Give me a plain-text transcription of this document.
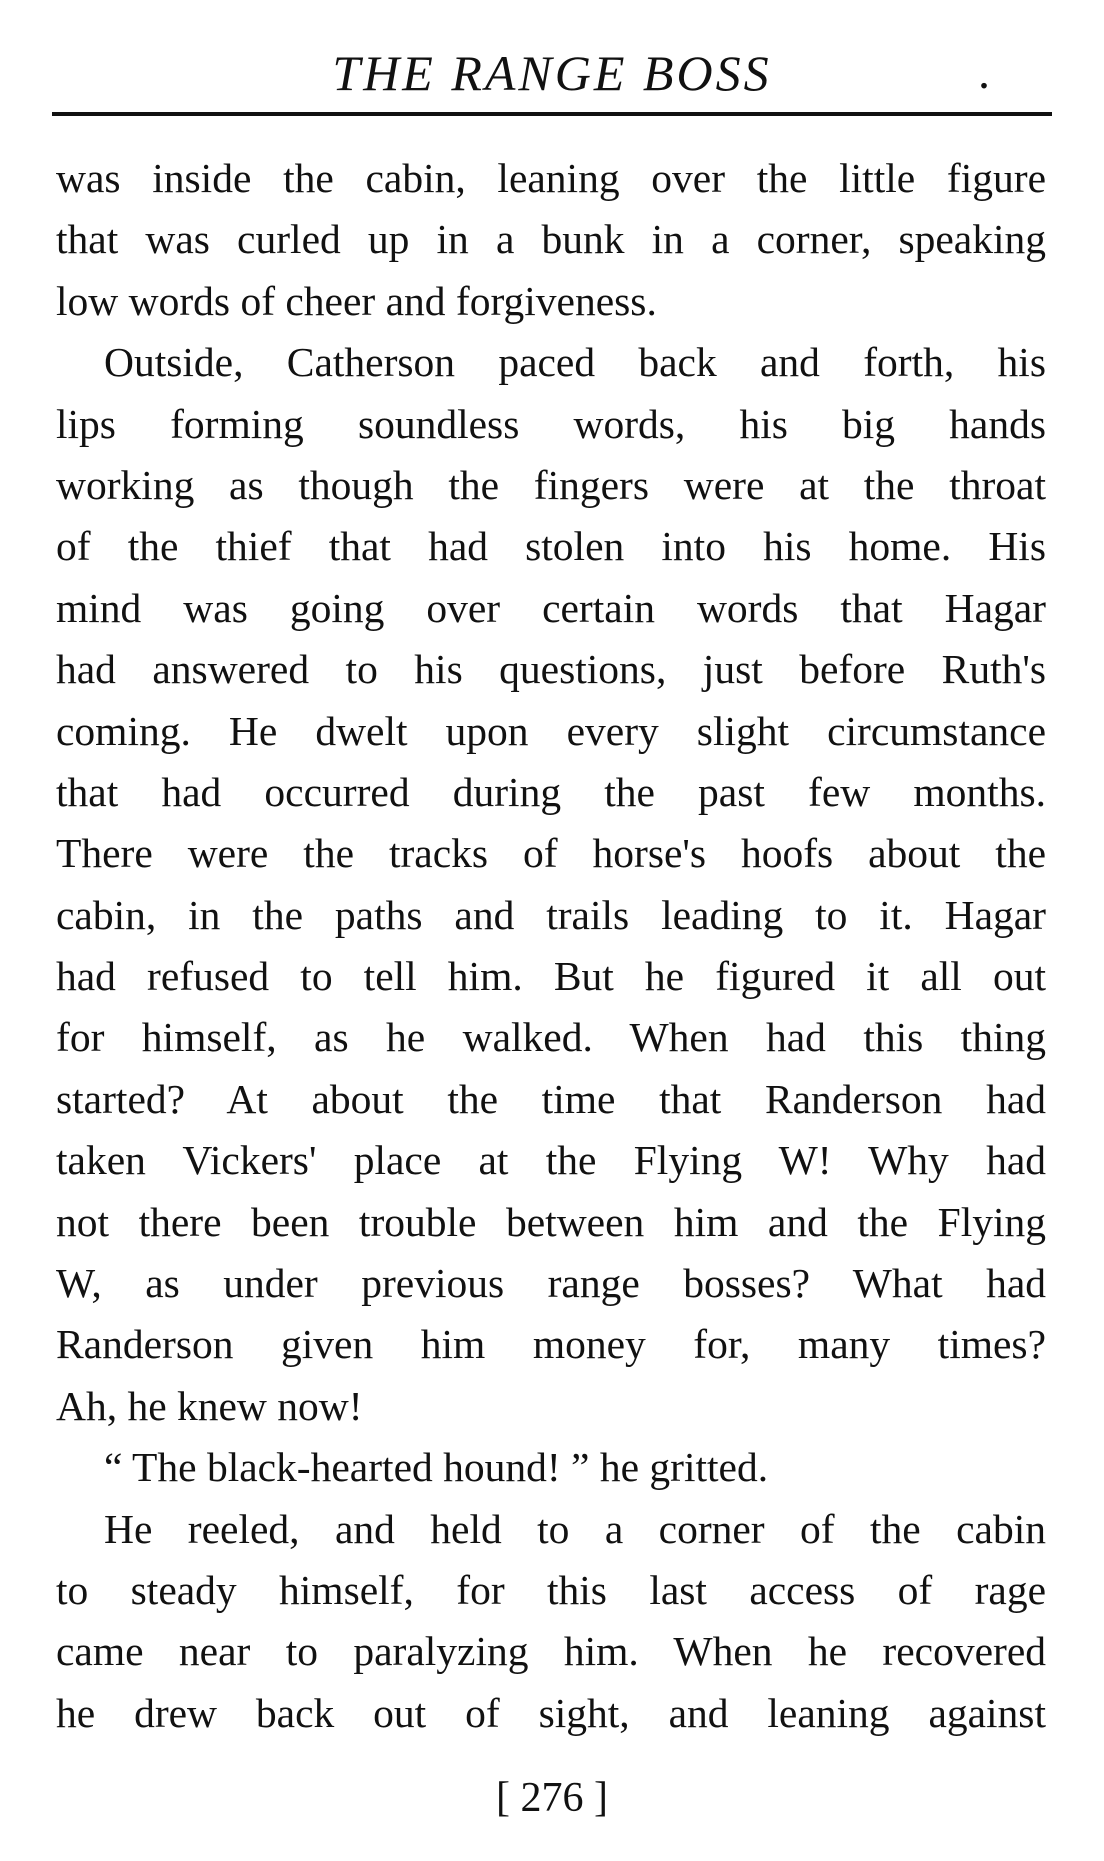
THE RANGE BOSS	.
was inside the cabin, leaning over the little figure
that was curled up in a bunk in a corner, speaking
low words of cheer and forgiveness.
Outside, Catherson paced back and forth, his
lips forming soundless words, his big hands
working as though the fingers were at the throat
of the thief that had stolen into his home. His
mind was going over certain words that Hagar
had answered to his questions, just before Ruth's
coming. He dwelt upon every slight circumstance
that had occurred during the past few months.
There were the tracks of horse's hoofs about the
cabin, in the paths and trails leading to it. Hagar
had refused to tell him. But he figured it all out
for himself, as he walked. When had this thing
started? At about the time that Randerson had
taken Vickers' place at the Flying W! Why had
not there been trouble between him and the Flying
W, as under previous range bosses? What had
Randerson given him money for, many times?
Ah, he knew now!
“ The black-hearted hound! ” he gritted.
He reeled, and held to a corner of the cabin
to steady himself, for this last access of rage
came near to paralyzing him. When he recovered
he drew back out of sight, and leaning against
[ 276 ]
